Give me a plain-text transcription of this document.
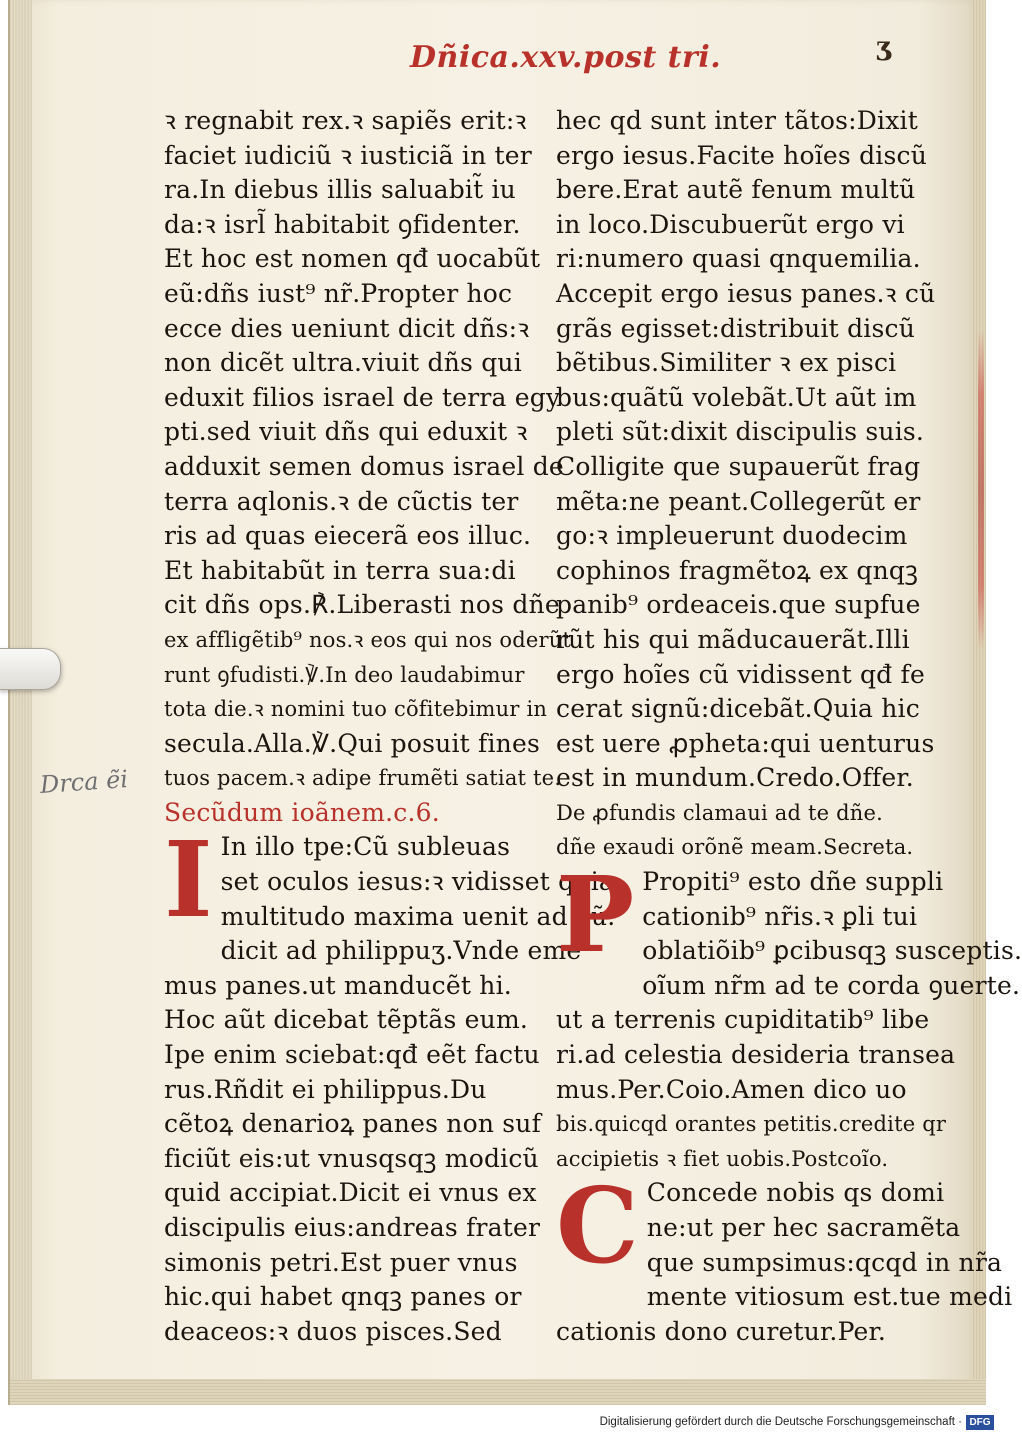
Dñica.xxv.post tri.	ʒ
Drca ẽi
ꝛ regnabit rex.ꝛ sapiẽs erit:ꝛ
faciet iudiciũ ꝛ iusticiã in ter
ra.In diebus illis saluabit̃ iu
da:ꝛ isrl̃ habitabit ꝯfidenter.
Et hoc est nomen qđ uocabũt
eũ:dñs iust⁹ nr̃.Propter hoc
ecce dies ueniunt dicit dñs:ꝛ
non dicẽt ultra.viuit dñs qui
eduxit filios israel de terra egy
pti.sed viuit dñs qui eduxit ꝛ
adduxit semen domus israel de
terra aqlonis.ꝛ de cũctis ter
ris ad quas eiecerã eos illuc.
Et habitabũt in terra sua:di
cit dñs ops.℟.Liberasti nos dñe
ex affligẽtib⁹ nos.ꝛ eos qui nos oderũt
runt ꝯfudisti.℣.In deo laudabimur
tota die.ꝛ nomini tuo cõfitebimur in
secula.Alla.℣.Qui posuit fines
tuos pacem.ꝛ adipe frumẽti satiat te.
Secũdum ioãnem.c.6.
I In illo tpe:Cũ subleuas
set oculos iesus:ꝛ vidisset quia
multitudo maxima uenit ad eũ.
dicit ad philippuʒ.Vnde eme
mus panes.ut manducẽt hi.
Hoc aũt dicebat tẽptãs eum.
Ipe enim sciebat:qđ eẽt factu
rus.Rñdit ei philippus.Du
cẽtoꝝ denarioꝝ panes non suf
ficiũt eis:ut vnusqsqꝫ modicũ
quid accipiat.Dicit ei vnus ex
discipulis eius:andreas frater
simonis petri.Est puer vnus
hic.qui habet qnqꝫ panes or
deaceos:ꝛ duos pisces.Sed
hec qd sunt inter tãtos:Dixit
ergo iesus.Facite hoĩes discũ
bere.Erat autẽ fenum multũ
in loco.Discubuerũt ergo vi
ri:numero quasi qnquemilia.
Accepit ergo iesus panes.ꝛ cũ
grãs egisset:distribuit discũ
bẽtibus.Similiter ꝛ ex pisci
bus:quãtũ volebãt.Ut aũt im
pleti sũt:dixit discipulis suis.
Colligite que supauerũt frag
mẽta:ne peant.Collegerũt er
go:ꝛ impleuerunt duodecim
cophinos fragmẽtoꝝ ex qnqꝫ
panib⁹ ordeaceis.que supfue
rũt his qui mãducauerãt.Illi
ergo hoĩes cũ vidissent qđ fe
cerat signũ:dicebãt.Quia hic
est uere ꝓpheta:qui uenturus
est in mundum.Credo.Offer.
De ꝓfundis clamaui ad te dñe.
dñe exaudi orõnẽ meam.Secreta.
P Propiti⁹ esto dñe suppli
cationib⁹ nr̃is.ꝛ ꝑli tui
oblatiõib⁹ ꝑcibusqꝫ susceptis.
oĩum nr̃m ad te corda ꝯuerte.
ut a terrenis cupiditatib⁹ libe
ri.ad celestia desideria transea
mus.Per.Coio.Amen dico uo
bis.quicqd orantes petitis.credite qr
accipietis ꝛ fiet uobis.Postcoĩo.
C Concede nobis qs domi
ne:ut per hec sacramẽta
que sumpsimus:qcqd in nr̃a
mente vitiosum est.tue medi
cationis dono curetur.Per.
Digitalisierung gefördert durch die Deutsche Forschungsgemeinschaft · DFG
